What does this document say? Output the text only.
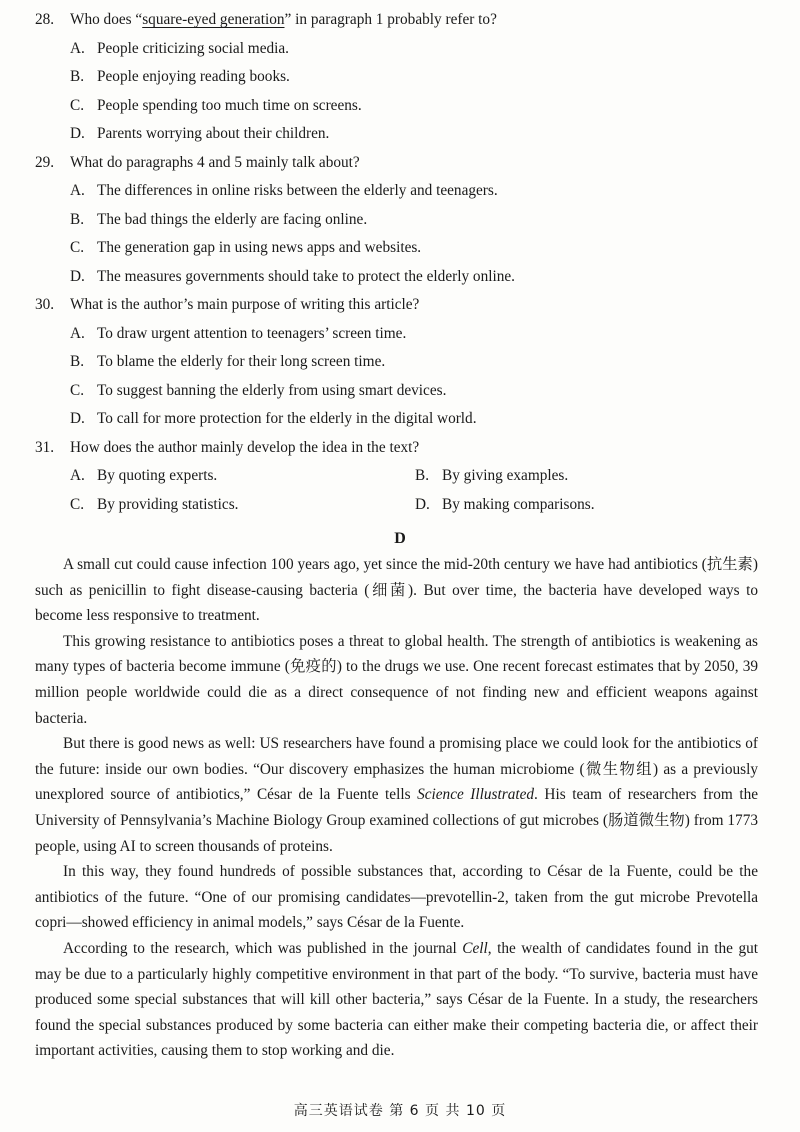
28. Who does “square-eyed generation” in paragraph 1 probably refer to?
A. People criticizing social media.
B. People enjoying reading books.
C. People spending too much time on screens.
D. Parents worrying about their children.
29. What do paragraphs 4 and 5 mainly talk about?
A. The differences in online risks between the elderly and teenagers.
B. The bad things the elderly are facing online.
C. The generation gap in using news apps and websites.
D. The measures governments should take to protect the elderly online.
30. What is the author’s main purpose of writing this article?
A. To draw urgent attention to teenagers’ screen time.
B. To blame the elderly for their long screen time.
C. To suggest banning the elderly from using smart devices.
D. To call for more protection for the elderly in the digital world.
31. How does the author mainly develop the idea in the text?
A. By quoting experts.	B. By giving examples.
C. By providing statistics.	D. By making comparisons.
D

A small cut could cause infection 100 years ago, yet since the mid-20th century we have had antibiotics (抗生素) such as penicillin to fight disease-causing bacteria (细菌). But over time, the bacteria have developed ways to become less responsive to treatment.

This growing resistance to antibiotics poses a threat to global health. The strength of antibiotics is weakening as many types of bacteria become immune (免疫的) to the drugs we use. One recent forecast estimates that by 2050, 39 million people worldwide could die as a direct consequence of not finding new and efficient weapons against bacteria.

But there is good news as well: US researchers have found a promising place we could look for the antibiotics of the future: inside our own bodies. “Our discovery emphasizes the human microbiome (微生物组) as a previously unexplored source of antibiotics,” César de la Fuente tells Science Illustrated. His team of researchers from the University of Pennsylvania’s Machine Biology Group examined collections of gut microbes (肠道微生物) from 1773 people, using AI to screen thousands of proteins.

In this way, they found hundreds of possible substances that, according to César de la Fuente, could be the antibiotics of the future. “One of our promising candidates—prevotellin-2, taken from the gut microbe Prevotella copri—showed efficiency in animal models,” says César de la Fuente.

According to the research, which was published in the journal Cell, the wealth of candidates found in the gut may be due to a particularly highly competitive environment in that part of the body. “To survive, bacteria must have produced some special substances that will kill other bacteria,” says César de la Fuente. In a study, the researchers found the special substances produced by some bacteria can either make their competing bacteria die, or affect their important activities, causing them to stop working and die.

高三英语试卷 第 6 页 共 10 页
